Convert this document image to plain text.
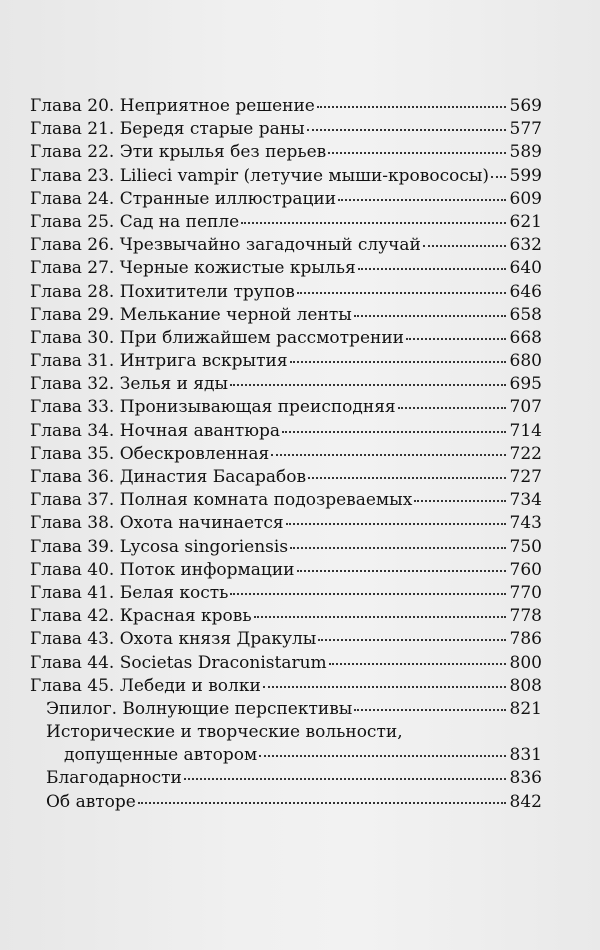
Глава 20. Неприятное решение	569
Глава 21. Бередя старые раны	577
Глава 22. Эти крылья без перьев	589
Глава 23. Lilieci vampir (летучие мыши-кровососы) 599
Глава 24. Странные иллюстрации	609
Глава 25. Сад на пепле	621
Глава 26. Чрезвычайно загадочный случай	632
Глава 27. Черные кожистые крылья	640
Глава 28. Похитители трупов	646
Глава 29. Мелькание черной ленты	658
Глава 30. При ближайшем рассмотрении	668
Глава 31. Интрига вскрытия	680
Глава 32. Зелья и яды	695
Глава 33. Пронизывающая преисподняя	707
Глава 34. Ночная авантюра	714
Глава 35. Обескровленная	722
Глава 36. Династия Басарабов	727
Глава 37. Полная комната подозреваемых	734
Глава 38. Охота начинается	743
Глава 39. Lycosa singoriensis	750
Глава 40. Поток информации	760
Глава 41. Белая кость	770
Глава 42. Красная кровь	778
Глава 43. Охота князя Дракулы	786
Глава 44. Societas Draconistarum	800
Глава 45. Лебеди и волки	808
Эпилог. Волнующие перспективы	821
Исторические и творческие вольности,
допущенные автором	831
Благодарности	836
Об авторе	842
